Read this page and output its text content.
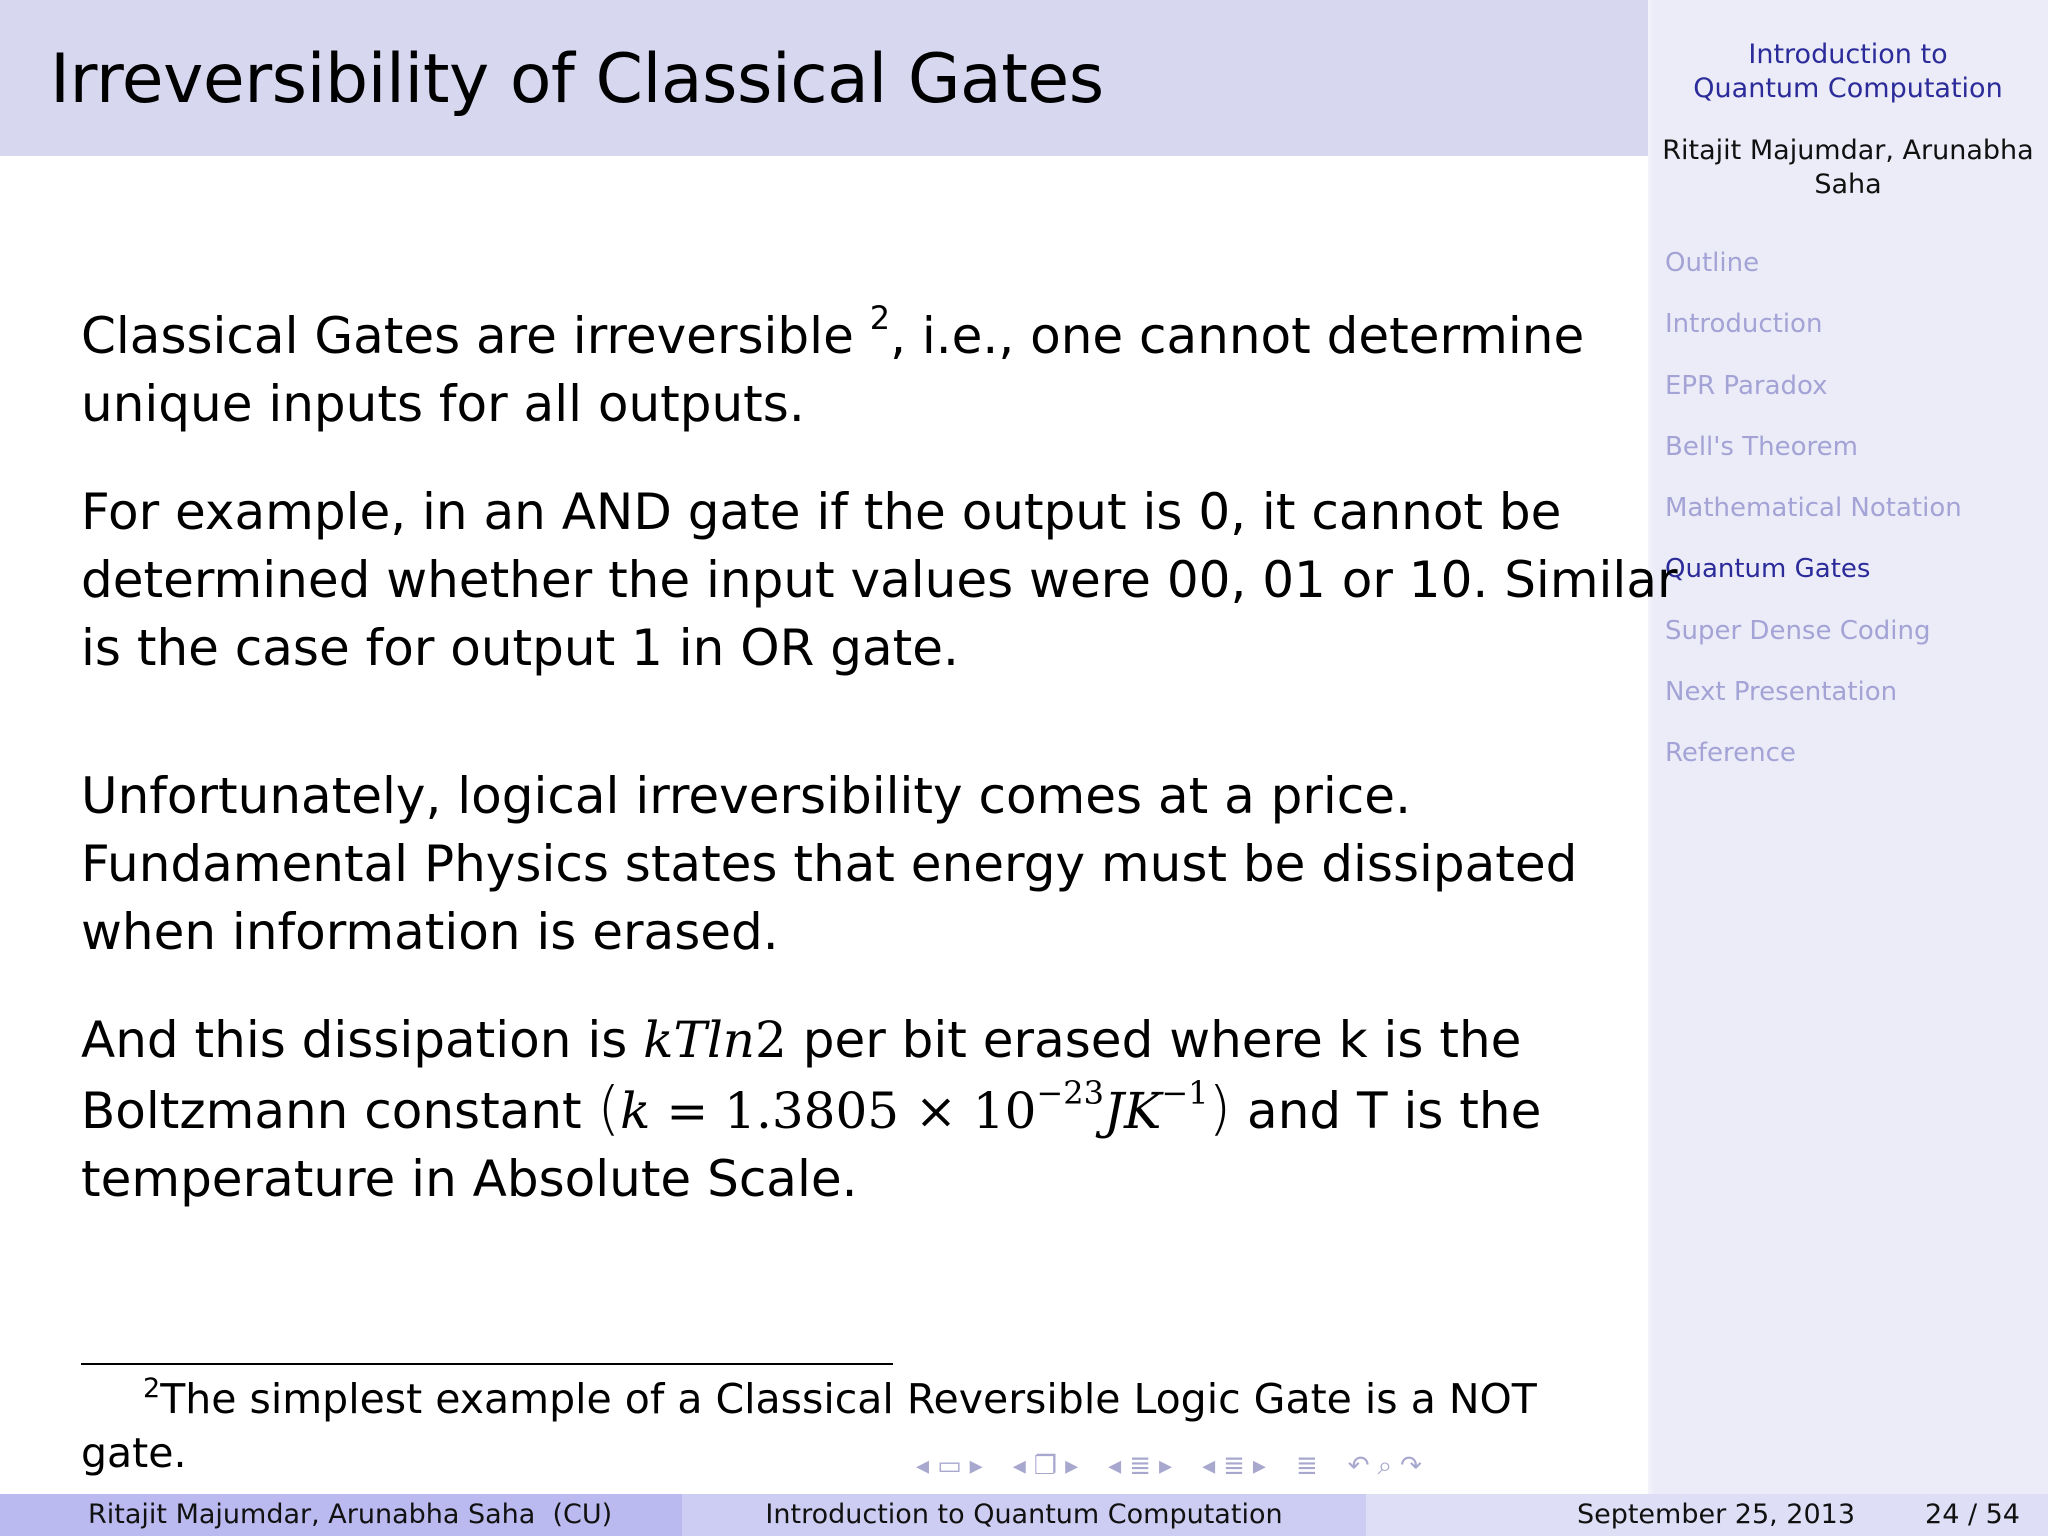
Irreversibility of Classical Gates	Introduction to Quantum Computation
Ritajit Majumdar, Arunabha Saha
Outline
Introduction
EPR Paradox
Bell's Theorem
Mathematical Notation
Quantum Gates
Super Dense Coding
Next Presentation
Reference
Classical Gates are irreversible $^2$, i.e., one cannot determine
unique inputs for all outputs.
For example, in an AND gate if the output is 0, it cannot be
determined whether the input values were 00, 01 or 10. Similar
is the case for output 1 in OR gate.
Unfortunately, logical irreversibility comes at a price.
Fundamental Physics states that energy must be dissipated
when information is erased.
And this dissipation is kTln2 per bit erased where k is the
Boltzmann constant $(k = 1.3805 \times 10^{-23}JK^{-1})$ and T is the
temperature in Absolute Scale.
$^2$The simplest example of a Classical Reversible Logic Gate is a NOT
gate.	◂ ▭ ▸ ◂ ❐ ▸ ◂ ≣ ▸ ◂ ≣ ▸ ≣ ↶ ⌕ ↷
Ritajit Majumdar, Arunabha Saha  (CU)	Introduction to Quantum Computation	September 25, 2013	24 / 54
